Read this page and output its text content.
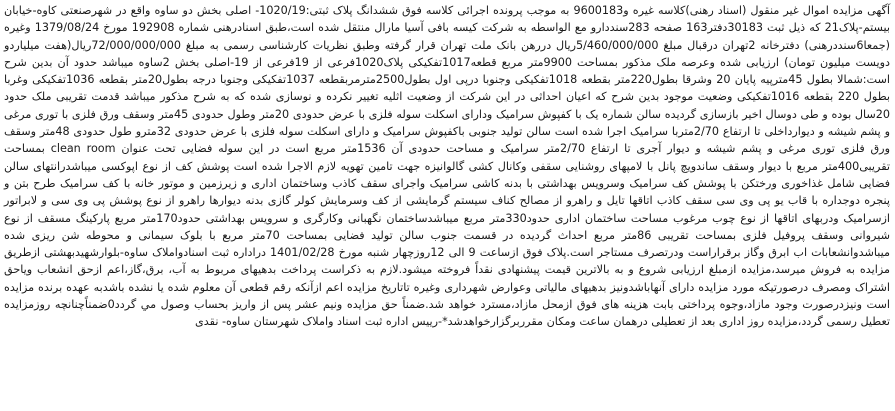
آگهی مزایده اموال غیر منقول (اسناد رهنی)کلاسه غیره و9600183 به موجب پرونده اجرائی کلاسه فوق ششدانگ پلاک ثبتی:1020/19- اصلی بخش دو ساوه واقع در شهرصنعتی کاوه-خیابان بیستم-پلاک21 که ذیل ثبت 30183دفتر163 صفحه 283سنددارو مع الواسطه به شرکت کیسه بافی آسیا مارال منتقل شده است،طبق اسنادرهنی شماره 192908 مورخ 1379/08/24 وغیره (جمعا6سنددرهنی) دفترخانه 2تهران درقبال مبلغ 5/460/000/000ریال دررهن بانک ملت تهران قرار گرفته وطبق نظریات کارشناسی رسمی به مبلغ 72/000/000/000ریال(هفت میلیاردو دویست میلیون تومان) ارزیابی شده وعرصه ملک مذکور بمساحت 9900متر مربع قطعه1017تفکیکی پلاک1020فرعی از 19فرعی از 19-اصلی بخش 2ساوه میباشد حدود آن بدین شرح است:شمالا بطول 45مترپیه پایان 20 وشرقا بطول220متر بقطعه 1018تفکیکی وجنوبا درپی اول بطول2500مترمربقطعه 1037تفکیکی وجنوبا درجه بطول20متر بقطعه 1036تفکیکی وغربا بطول 220 بقطعه 1016تفکیکی وضعیت موجود بدین شرح که اعیان احداثی در این شرکت از وضعیت اثلیه تغییر نکرده و نوسازی شده که به شرح مذکور میباشد قدمت تقریبی ملک حدود 20سال بوده و طی دوسال اخیر بازسازی گردیده سالن شماره یک با کفپوش سرامیک ودارای اسکلت سوله فلزی با عرض حدودی 20متر وطول حدودی 45متر وسقف ورق فلزی با توری مرغی و پشم شیشه و دیوارداخلی تا ارتفاع 2/70متربا سرامیک اجرا شده است سالن تولید جنوبی باکفپوش سرامیک و دارای اسکلت سوله فلزی با عرض حدودی 32مترو طول حدودی 48متر وسقف ورق فلزی توری مرغی و پشم شیشه و دیوار آجری تا ارتفاع 2/70متر سرامیک و مساحت حدودی آن 1536متر مربع است در این سوله فضایی تحت عنوان clean room بمساحت تقریبی400متر مربع با دیوار وسقف ساندویچ پانل با لامپهای روشنایی سقفی وکانال کشی گالوانیزه جهت تامین تهویه لازم الاجرا شده است پوشش کف از نوع اپوکسی میباشدرانتهای سالن فضایی شامل غذاخوری ورختکن با پوشش کف سرامیک وسرویس بهداشتی با بدنه کاشی سرامیک واجرای سقف کاذب وساختمان اداری و زیرزمین و موتور خانه با کف سرامیک طرح بتن و پنجره دوجداره با قاب یو پی وی سی سقف کاذب اتاقها تایل و راهرو از مصالح کناف سیستم گرمایشی از کف وسرمایش کولر گازی بدنه دیوارها راهرو از نوع پوشش پی وی سی و لابراتور ازسرامیک ودربهای اتاقها از نوع چوب مرغوب مساحت ساختمان اداری حدود330متر مربع میباشدساختمان نگهبانی وکارگری و سرویس بهداشتی حدود170متر مربع پارکینگ مسقف از نوع شیروانی وسقف پروفیل فلزی بمساحت تقریبی 86متر مربع احداث گردیده در قسمت جنوب سالن تولید فضایی بمساحت 70متر مربع با بلوک سیمانی و محوطه شن ریزی شده میباشدوانشعابات اب ابرق وگاز برقراراست ودرتصرف مستاجر است.پلاک فوق ازساعت 9 الی 12روزچهار شنبه مورخ 1401/02/28 دراداره ثبت اسنادواملاک ساوه-بلوارشهیدبهشتی ازطریق مزایده به فروش میرسد،مزایده ازمبلغ ارزیابی شروع و به بالاترین قیمت پیشنهادی نقداً فروخته میشود.لازم به ذکراست پرداخت بدهیهای مربوط به آب، برق،گاز،اعم ازحق انشعاب وياحق اشتراک ومصرف درصورتیکه مورد مزایده دارای آنهاباشدونیز بدهیهای مالیاتی وعوارض شهرداری وغیره تاتاریخ مزایده اعم ازآنکه رقم قطعی آن معلوم شده یا نشده باشدبه عهده برنده مزایده است ونیزدرصورت وجود مازاد،وجوه پرداختی بابت هزینه های فوق ازمحل مازاد،مسترد خواهد شد.ضمناً حق مزایده ونیم عشر پس از واریز بحساب وصول مي گردد0ضمناًچنانچه روزمزایده تعطیل رسمی گردد،مزایده روز اداری بعد از تعطیلی درهمان ساعت ومکان مقرربرگزارخواهدشد*-رییس اداره ثبت اسناد واملاک شهرستان ساوه- نقدی
